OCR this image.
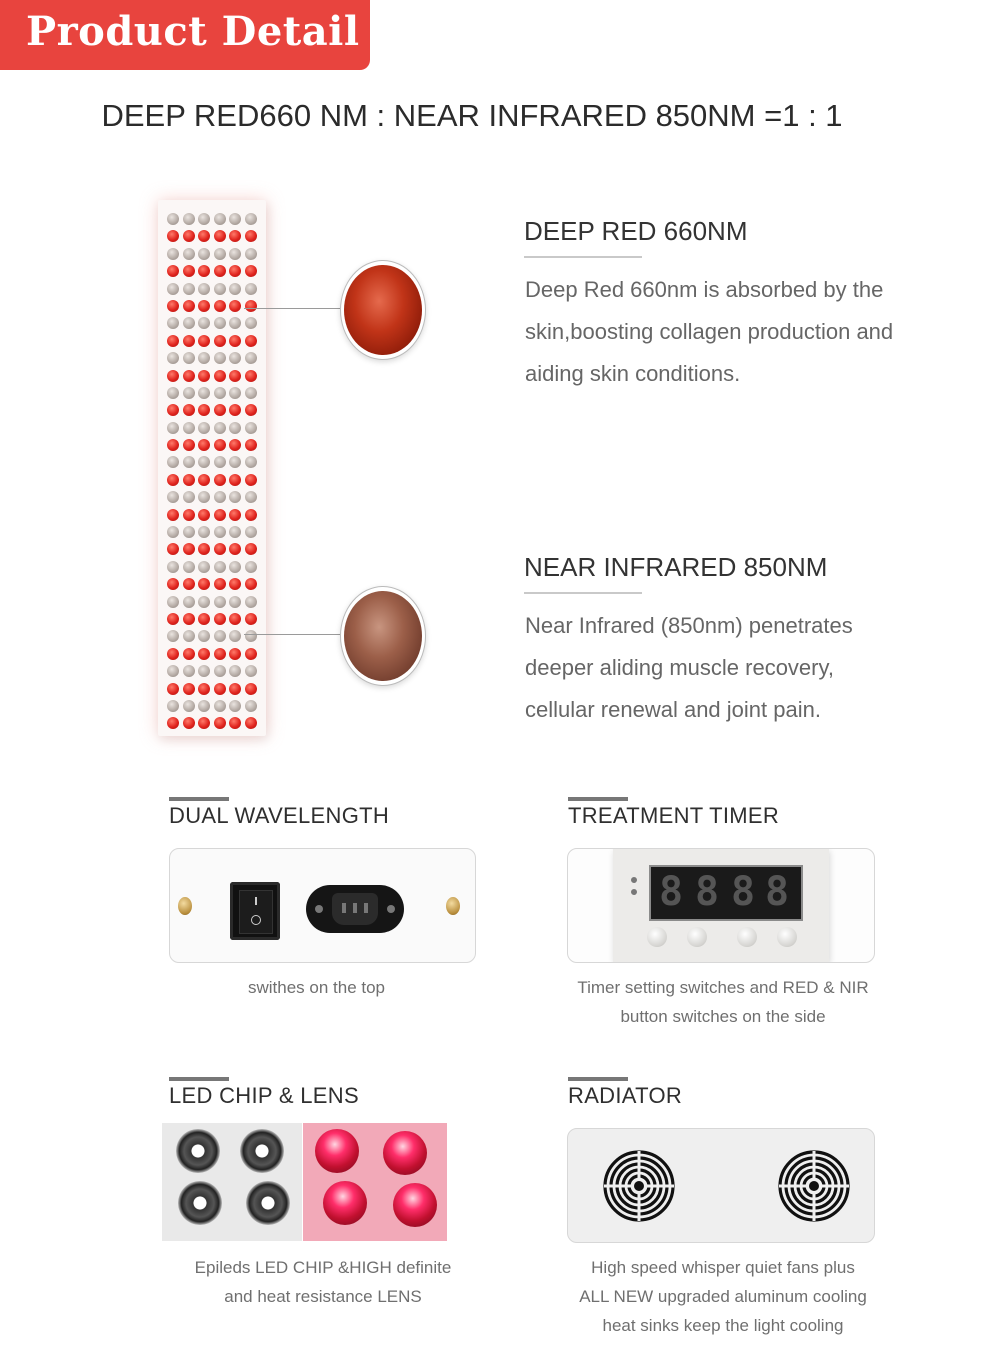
Product Detail
DEEP RED660 NM : NEAR INFRARED 850NM =1 : 1
DEEP RED 660NM
Deep Red 660nm is absorbed by the skin,boosting collagen production and aiding skin conditions.
NEAR INFRARED 850NM
Near Infrared (850nm) penetrates deeper aliding muscle recovery, cellular renewal and joint pain.
DUAL WAVELENGTH
swithes on the top
TREATMENT TIMER
8 8 8 8
Timer setting switches and RED & NIR
button switches on the side
LED CHIP & LENS
Epileds LED CHIP &HIGH definite
and heat resistance LENS
RADIATOR
High speed whisper quiet fans plus
ALL NEW upgraded aluminum cooling
heat sinks keep the light cooling
